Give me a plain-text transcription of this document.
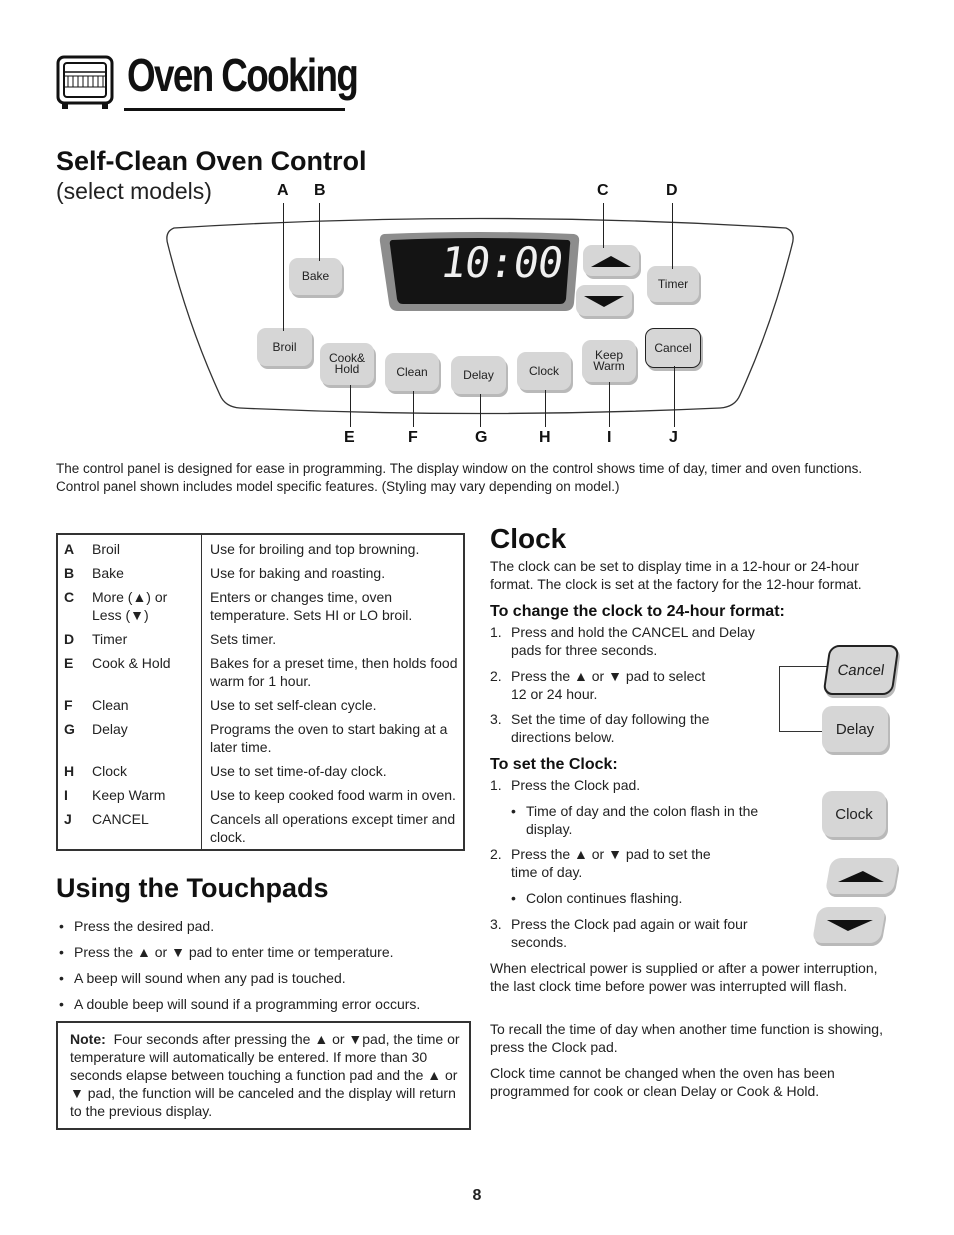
Oven Cooking
Self-Clean Oven Control
(select models)
10:00
Bake
Broil
Cook&
Hold	Clean	Delay	Clock
Keep
Warm
Timer
Cancel
A B	C	D
E	F	G	H	I	J
The control panel is designed for ease in programming. The display window on the control shows time of day, timer and oven functions. Control panel shown includes model specific features. (Styling may vary depending on model.)
A	Broil	Use for broiling and top browning.
B	Bake	Use for baking and roasting.
C	More (▲) or Less (▼)	Enters or changes time, oven temperature. Sets HI or LO broil.
D	Timer	Sets timer.
E	Cook & Hold	Bakes for a preset time, then holds food warm for 1 hour.
F	Clean	Use to set self-clean cycle.
G	Delay	Programs the oven to start baking at a later time.
H	Clock	Use to set time-of-day clock.
I	Keep Warm	Use to keep cooked food warm in oven.
J	CANCEL	Cancels all operations except timer and clock.
Using the Touchpads
• Press the desired pad.
• Press the ▲ or ▼ pad to enter time or temperature.
• A beep will sound when any pad is touched.
• A double beep will sound if a programming error occurs.
Note: Four seconds after pressing the ▲ or ▼pad, the time or temperature will automatically be entered. If more than 30 seconds elapse between touching a function pad and the ▲ or ▼ pad, the function will be canceled and the display will return to the previous display.
Clock
The clock can be set to display time in a 12-hour or 24-hour format. The clock is set at the factory for the 12-hour format.
To change the clock to 24-hour format:
1. Press and hold the CANCEL and Delay pads for three seconds.
2. Press the ▲ or ▼ pad to select 12 or 24 hour.
3. Set the time of day following the directions below.
To set the Clock:
1. Press the Clock pad.
• Time of day and the colon flash in the display.
2. Press the ▲ or ▼ pad to set the time of day.
• Colon continues flashing.
3. Press the Clock pad again or wait four seconds.
When electrical power is supplied or after a power interruption, the last clock time before power was interrupted will flash.
To recall the time of day when another time function is showing, press the Clock pad.
Clock time cannot be changed when the oven has been programmed for cook or clean Delay or Cook & Hold.
Cancel
Delay
Clock
8
